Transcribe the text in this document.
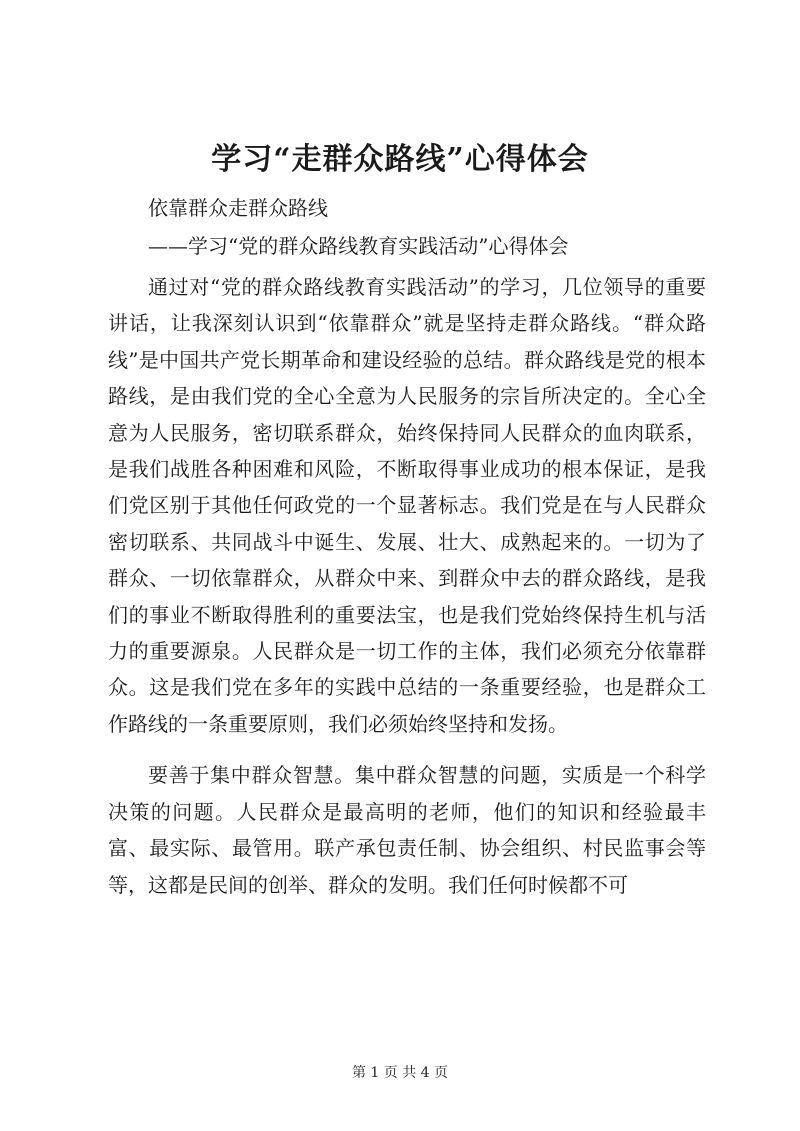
学习“走群众路线”心得体会

依靠群众走群众路线

——学习“党的群众路线教育实践活动”心得体会

通过对“党的群众路线教育实践活动”的学习，几位领导的重要讲话，让我深刻认识到“依靠群众”就是坚持走群众路线。“群众路线”是中国共产党长期革命和建设经验的总结。群众路线是党的根本路线，是由我们党的全心全意为人民服务的宗旨所决定的。全心全意为人民服务，密切联系群众，始终保持同人民群众的血肉联系，是我们战胜各种困难和风险，不断取得事业成功的根本保证，是我们党区别于其他任何政党的一个显著标志。我们党是在与人民群众密切联系、共同战斗中诞生、发展、壮大、成熟起来的。一切为了群众、一切依靠群众，从群众中来、到群众中去的群众路线，是我们的事业不断取得胜利的重要法宝，也是我们党始终保持生机与活力的重要源泉。人民群众是一切工作的主体，我们必须充分依靠群众。这是我们党在多年的实践中总结的一条重要经验，也是群众工作路线的一条重要原则，我们必须始终坚持和发扬。

要善于集中群众智慧。集中群众智慧的问题，实质是一个科学决策的问题。人民群众是最高明的老师，他们的知识和经验最丰富、最实际、最管用。联产承包责任制、协会组织、村民监事会等等，这都是民间的创举、群众的发明。我们任何时候都不可

第 1 页 共 4 页
